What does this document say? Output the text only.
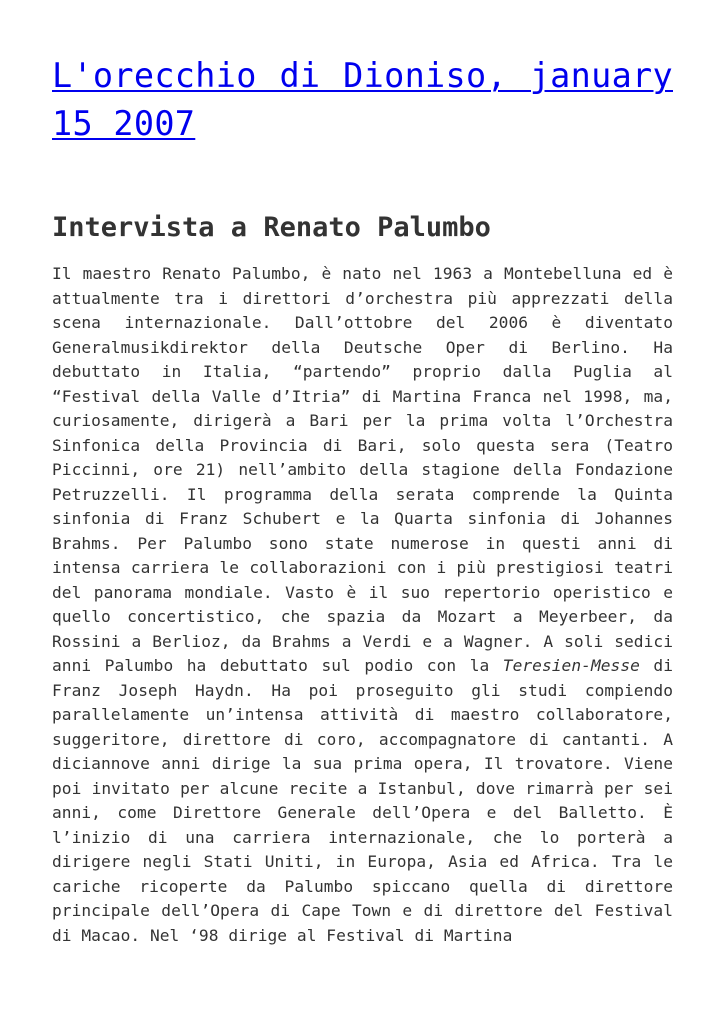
L'orecchio di Dioniso, january 15 2007
Intervista a Renato Palumbo

Il maestro Renato Palumbo, è nato nel 1963 a Montebelluna ed è attualmente tra i direttori d’orchestra più apprezzati della scena internazionale. Dall’ottobre del 2006 è diventato Generalmusikdirektor della Deutsche Oper di Berlino. Ha debuttato in Italia, “partendo” proprio dalla Puglia al “Festival della Valle d’Itria” di Martina Franca nel 1998, ma, curiosamente, dirigerà a Bari per la prima volta l’Orchestra Sinfonica della Provincia di Bari, solo questa sera (Teatro Piccinni, ore 21) nell’ambito della stagione della Fondazione Petruzzelli. Il programma della serata comprende la Quinta sinfonia di Franz Schubert e la Quarta sinfonia di Johannes Brahms. Per Palumbo sono state numerose in questi anni di intensa carriera le collaborazioni con i più prestigiosi teatri del panorama mondiale. Vasto è il suo repertorio operistico e quello concertistico, che spazia da Mozart a Meyerbeer, da Rossini a Berlioz, da Brahms a Verdi e a Wagner. A soli sedici anni Palumbo ha debuttato sul podio con la Teresien-Messe di Franz Joseph Haydn. Ha poi proseguito gli studi compiendo parallelamente un’intensa attività di maestro collaboratore, suggeritore, direttore di coro, accompagnatore di cantanti. A diciannove anni dirige la sua prima opera, Il trovatore. Viene poi invitato per alcune recite a Istanbul, dove rimarrà per sei anni, come Direttore Generale dell’Opera e del Balletto. È l’inizio di una carriera internazionale, che lo porterà a dirigere negli Stati Uniti, in Europa, Asia ed Africa. Tra le cariche ricoperte da Palumbo spiccano quella di direttore principale dell’Opera di Cape Town e di direttore del Festival di Macao. Nel ‘98 dirige al Festival di Martina
